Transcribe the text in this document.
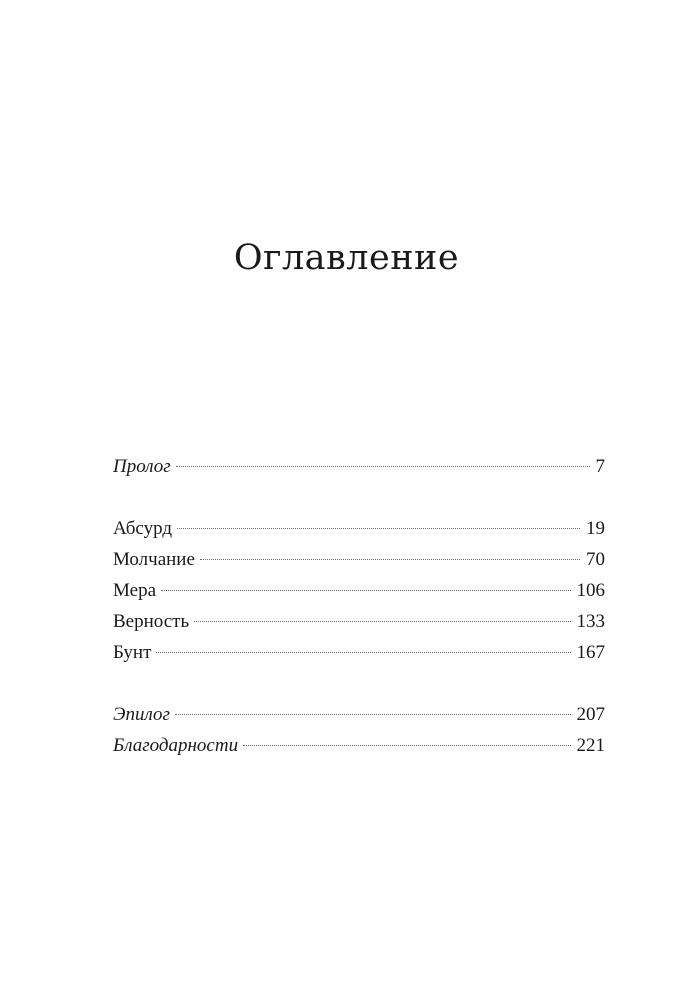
Оглавление
Пролог	7
Абсурд	19
Молчание	70
Мера	106
Верность	133
Бунт	167
Эпилог	207
Благодарности	221
